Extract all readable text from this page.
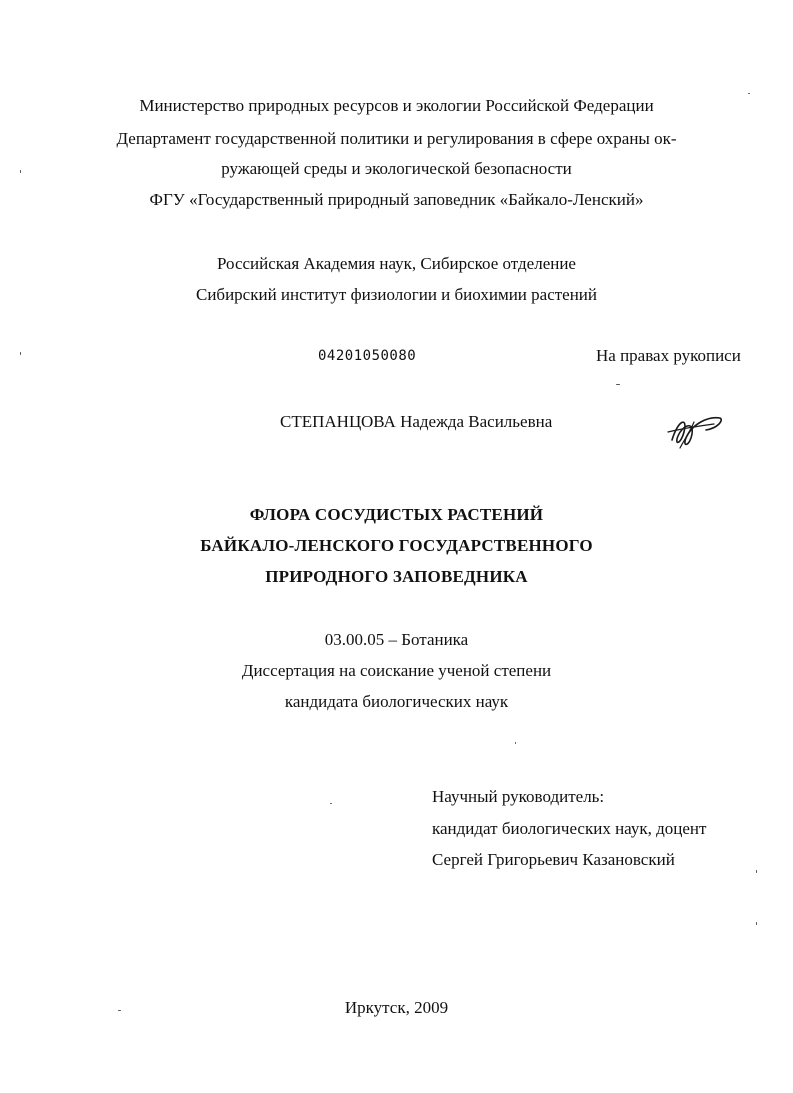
Министерство природных ресурсов и экологии Российской Федерации
Департамент государственной политики и регулирования в сфере охраны ок-
ружающей среды и экологической безопасности
ФГУ «Государственный природный заповедник «Байкало-Ленский»
Российская Академия наук, Сибирское отделение
Сибирский институт физиологии и биохимии растений
04201050080	На правах рукописи
СТЕПАНЦОВА Надежда Васильевна
ФЛОРА СОСУДИСТЫХ РАСТЕНИЙ
БАЙКАЛО-ЛЕНСКОГО ГОСУДАРСТВЕННОГО
ПРИРОДНОГО ЗАПОВЕДНИКА
03.00.05 – Ботаника
Диссертация на соискание ученой степени
кандидата биологических наук
Научный руководитель:
кандидат биологических наук, доцент
Сергей Григорьевич Казановский
Иркутск, 2009
